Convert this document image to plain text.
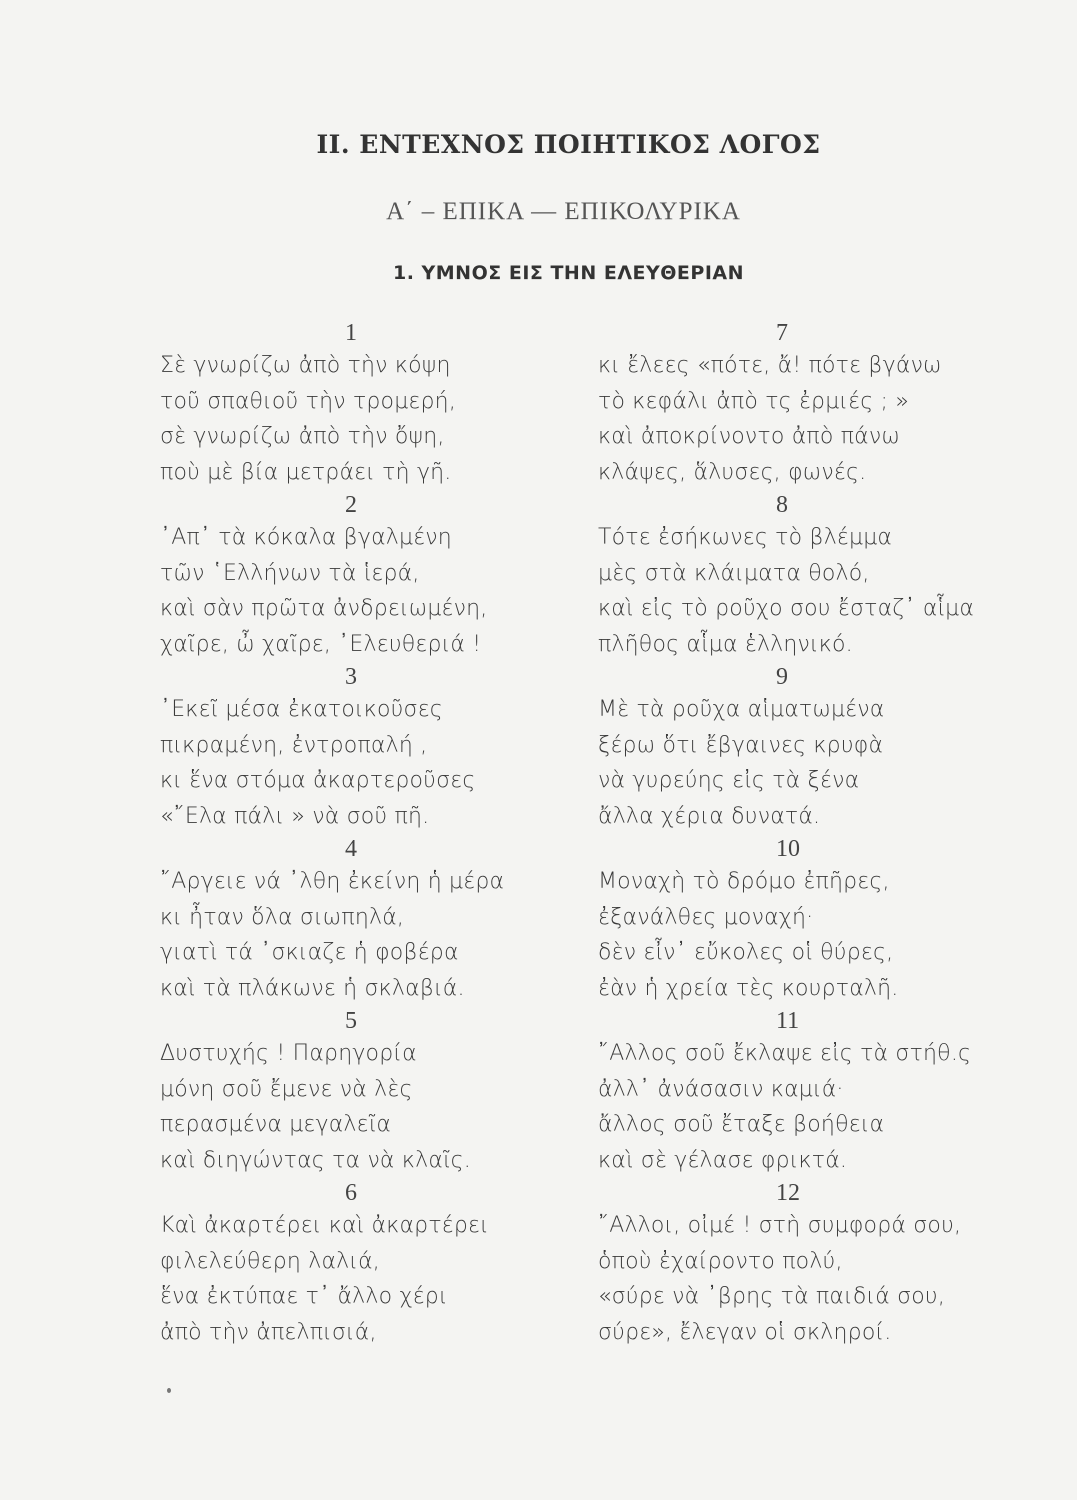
II. ΕΝΤΕΧΝΟΣ ΠΟΙΗΤΙΚΟΣ ΛΟΓΟΣ
Α΄ – ΕΠΙΚΑ — ΕΠΙΚΟΛΥΡΙΚΑ
1. ΥΜΝΟΣ ΕΙΣ ΤΗΝ ΕΛΕΥΘΕΡΙΑΝ
1
Σὲ γνωρίζω ἀπὸ τὴν κόψη
τοῦ σπαθιοῦ τὴν τρομερή,
σὲ γνωρίζω ἀπὸ τὴν ὄψη,
ποὺ μὲ βία μετράει τὴ γῆ.
2
᾿Απ᾿ τὰ κόκαλα βγαλμένη
τῶν ῾Ελλήνων τὰ ἱερά,
καὶ σὰν πρῶτα ἀνδρειωμένη,
χαῖρε, ὦ χαῖρε, ᾿Ελευθεριά !
3
᾿Εκεῖ μέσα ἐκατοικοῦσες
πικραμένη, ἐντροπαλή ,
κι ἕνα στόμα ἀκαρτεροῦσες
«῎Ελα πάλι » νὰ σοῦ πῆ.
4
῎Αργειε νά ᾿λθη ἐκείνη ἡ μέρα
κι ἦταν ὅλα σιωπηλά,
γιατὶ τά ᾿σκιαζε ἡ φοβέρα
καὶ τὰ πλάκωνε ἡ σκλαβιά.
5
Δυστυχής ! Παρηγορία
μόνη σοῦ ἔμενε νὰ λὲς
περασμένα μεγαλεῖα
καὶ διηγώντας τα νὰ κλαῖς.
6
Καὶ ἀκαρτέρει καὶ ἀκαρτέρει
φιλελεύθερη λαλιά,
ἕνα ἐκτύπαε τ᾿ ἄλλο χέρι
ἀπὸ τὴν ἀπελπισιά,
7
κι ἔλεες «πότε, ἄ! πότε βγάνω
τὸ κεφάλι ἀπὸ τς ἐρμιές ; »
καὶ ἀποκρίνοντο ἀπὸ πάνω
κλάψες, ἅλυσες, φωνές.
8
Τότε ἐσήκωνες τὸ βλέμμα
μὲς στὰ κλάιματα θολό,
καὶ εἰς τὸ ροῦχο σου ἔσταζ᾿ αἷμα
πλῆθος αἷμα ἑλληνικό.
9
Μὲ τὰ ροῦχα αἱματωμένα
ξέρω ὅτι ἔβγαινες κρυφὰ
νὰ γυρεύης εἰς τὰ ξένα
ἄλλα χέρια δυνατά.
10
Μοναχὴ τὸ δρόμο ἐπῆρες,
ἐξανάλθες μοναχή·
δὲν εἶν᾿ εὔκολες οἱ θύρες,
ἐὰν ἡ χρεία τὲς κουρταλῆ.
11
῎Αλλος σοῦ ἔκλαψε εἰς τὰ στήθ.ς
ἀλλ᾿ ἀνάσασιν καμιά·
ἄλλος σοῦ ἔταξε βοήθεια
καὶ σὲ γέλασε φρικτά.
12
῎Αλλοι, οἰμέ ! στὴ συμφορά σου,
ὁποὺ ἐχαίροντο πολύ,
«σύρε νὰ ᾿βρης τὰ παιδιά σου,
σύρε», ἔλεγαν οἱ σκληροί.
